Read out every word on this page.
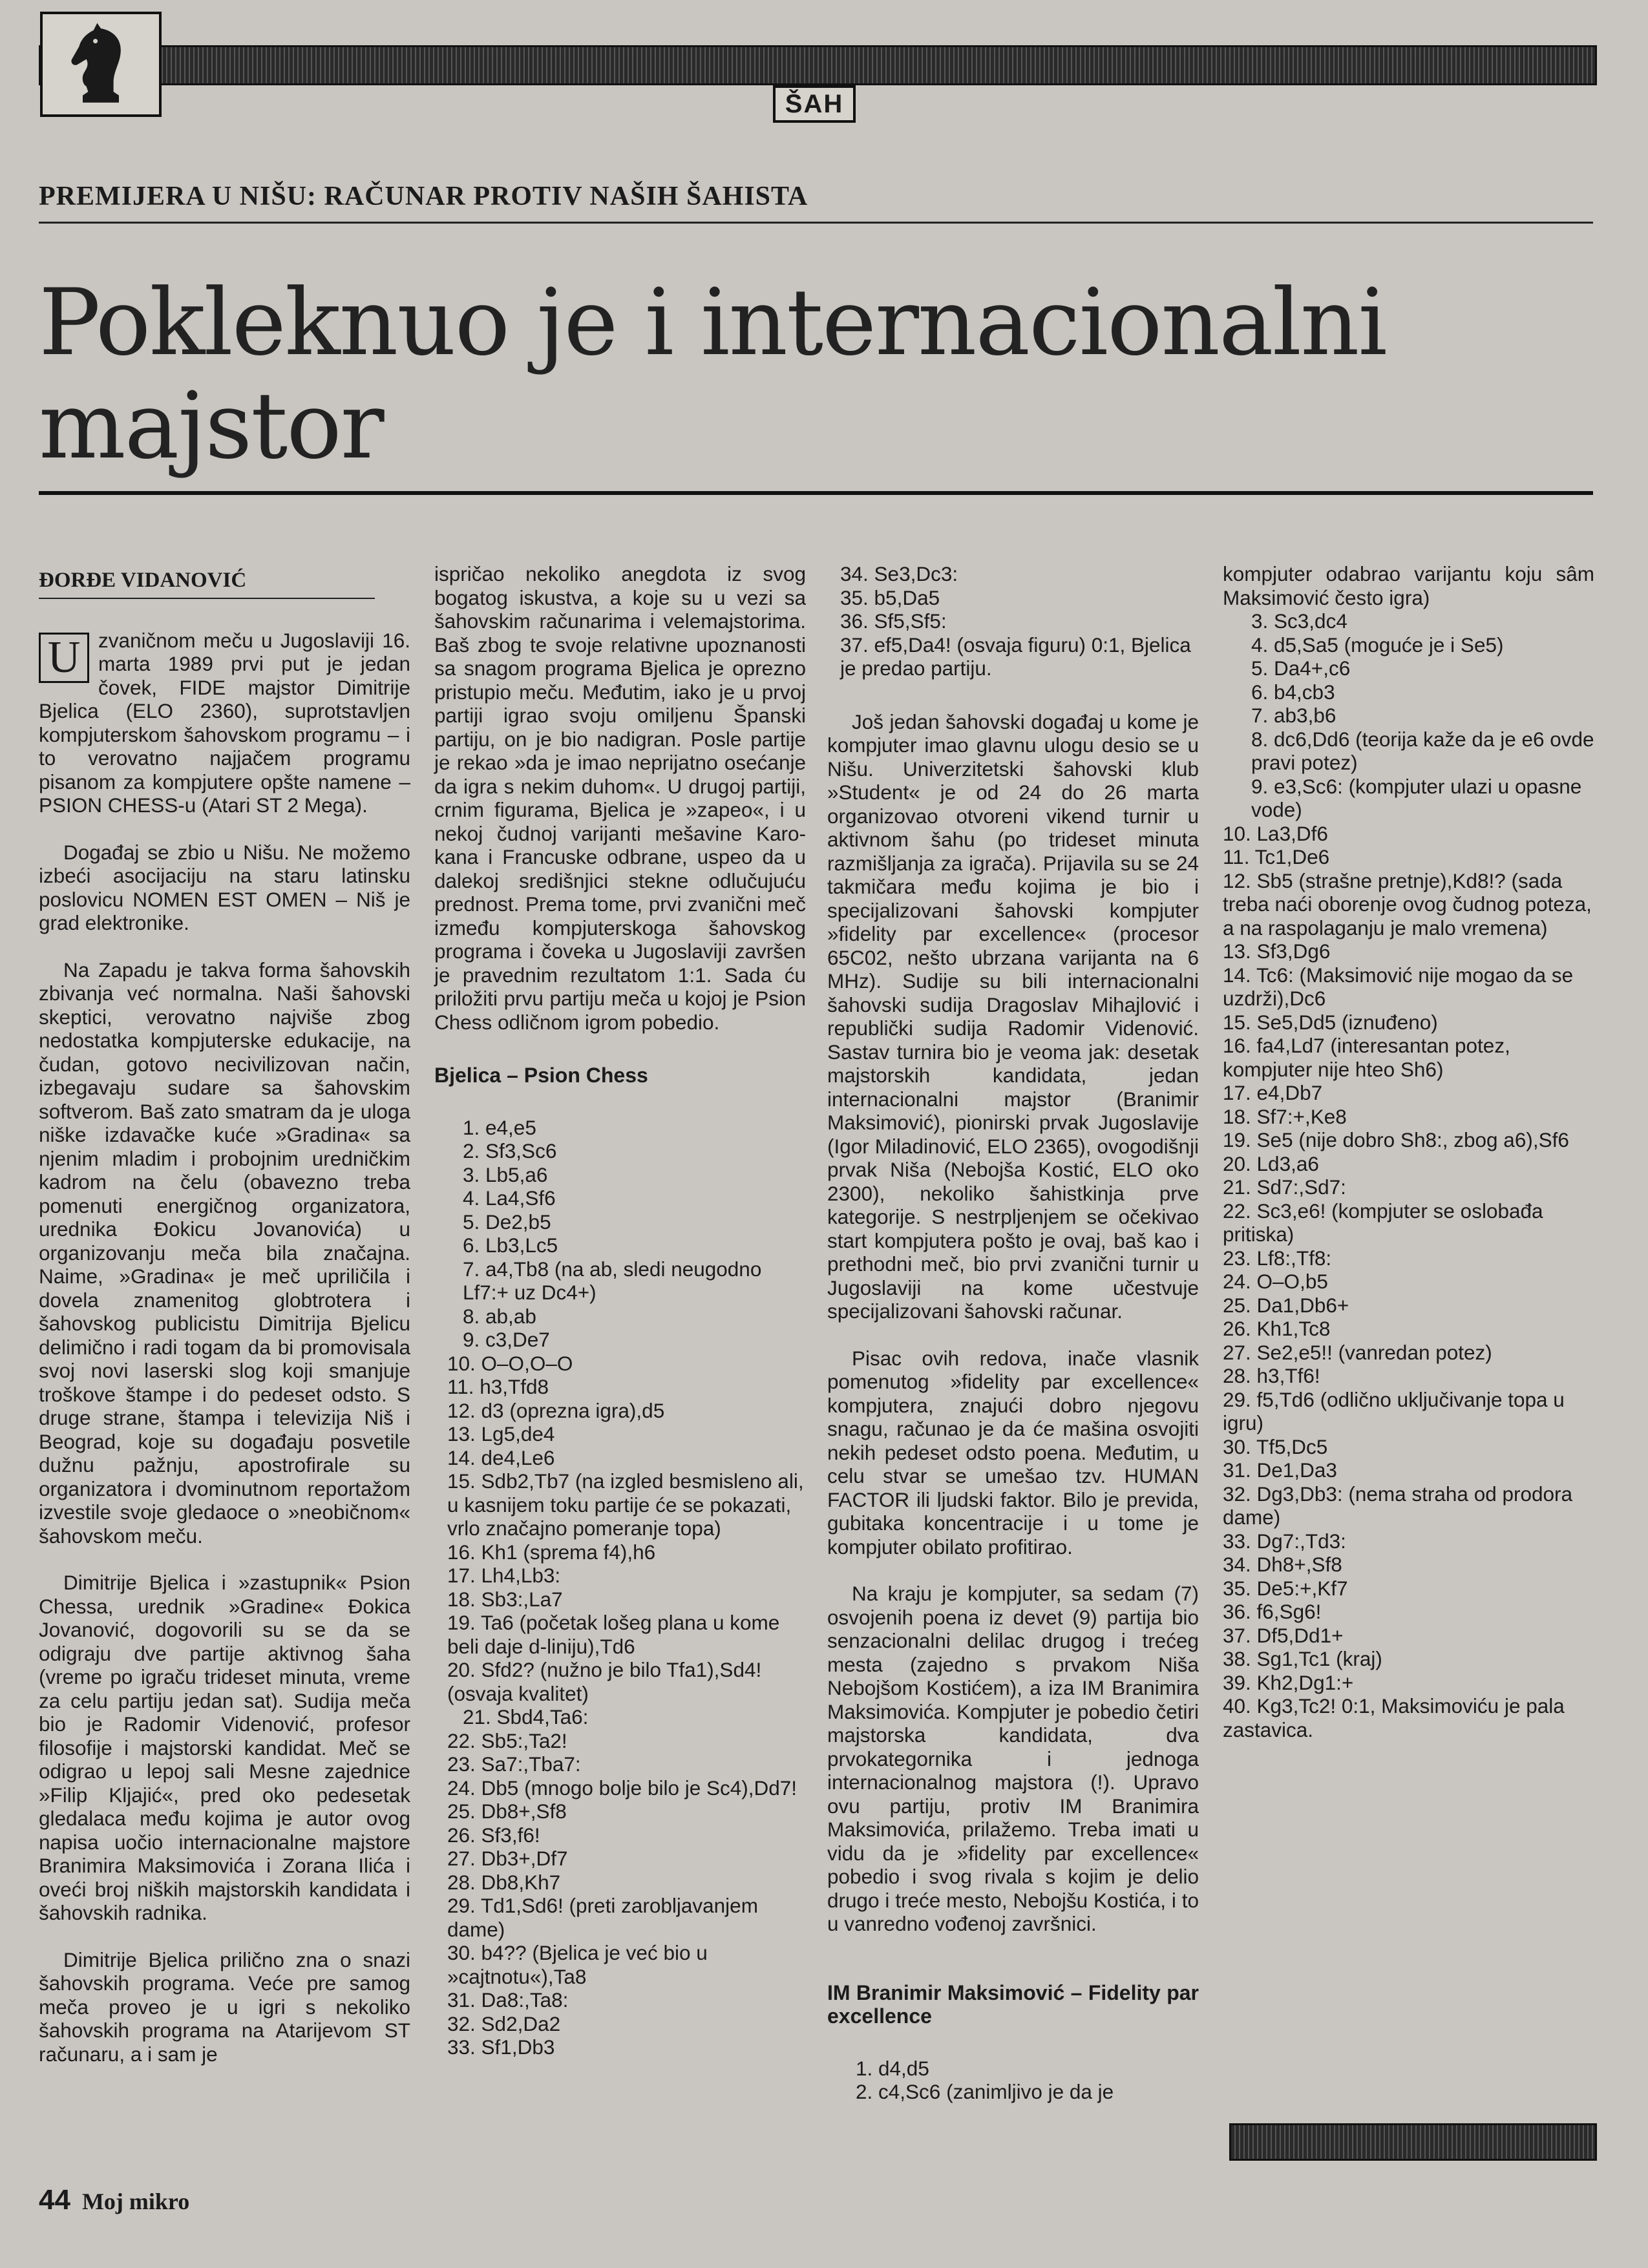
ŠAH
PREMIJERA U NIŠU: RAČUNAR PROTIV NAŠIH ŠAHISTA
Pokleknuo je i internacionalni majstor
ĐORĐE VIDANOVIĆ

U zvaničnom meču u Jugoslaviji 16. marta 1989 prvi put je jedan čovek, FIDE majstor Dimitrije Bjelica (ELO 2360), suprotstavljen kompjuterskom šahovskom programu – i to verovatno najjačem programu pisanom za kompjutere opšte namene – PSION CHESS-u (Atari ST 2 Mega).

Događaj se zbio u Nišu. Ne možemo izbeći asocijaciju na staru latinsku poslovicu NOMEN EST OMEN – Niš je grad elektronike.

Na Zapadu je takva forma šahovskih zbivanja već normalna. Naši šahovski skeptici, verovatno najviše zbog nedostatka kompjuterske edukacije, na čudan, gotovo necivilizovan način, izbegavaju sudare sa šahovskim softverom. Baš zato smatram da je uloga niške izdavačke kuće »Gradina« sa njenim mladim i probojnim uredničkim kadrom na čelu (obavezno treba pomenuti energičnog organizatora, urednika Đokicu Jovanovića) u organizovanju meča bila značajna. Naime, »Gradina« je meč upriličila i dovela znamenitog globtrotera i šahovskog publicistu Dimitrija Bjelicu delimično i radi togam da bi promovisala svoj novi laserski slog koji smanjuje troškove štampe i do pedeset odsto. S druge strane, štampa i televizija Niš i Beograd, koje su događaju posvetile dužnu pažnju, apostrofirale su organizatora i dvominutnom reportažom izvestile svoje gledaoce o »neobičnom« šahovskom meču.

Dimitrije Bjelica i »zastupnik« Psion Chessa, urednik »Gradine« Đokica Jovanović, dogovorili su se da se odigraju dve partije aktivnog šaha (vreme po igraču trideset minuta, vreme za celu partiju jedan sat). Sudija meča bio je Radomir Videnović, profesor filosofije i majstorski kandidat. Meč se odigrao u lepoj sali Mesne zajednice »Filip Kljajić«, pred oko pedesetak gledalaca među kojima je autor ovog napisa uočio internacionalne majstore Branimira Maksimovića i Zorana Ilića i oveći broj niških majstorskih kandidata i šahovskih radnika.

Dimitrije Bjelica prilično zna o snazi šahovskih programa. Veće pre samog meča proveo je u igri s nekoliko šahovskih programa na Atarijevom ST računaru, a i sam je

ispričao nekoliko anegdota iz svog bogatog iskustva, a koje su u vezi sa šahovskim računarima i velemajstorima. Baš zbog te svoje relativne upoznanosti sa snagom programa Bjelica je oprezno pristupio meču. Međutim, iako je u prvoj partiji igrao svoju omiljenu Španski partiju, on je bio nadigran. Posle partije je rekao »da je imao neprijatno osećanje da igra s nekim duhom«. U drugoj partiji, crnim figurama, Bjelica je »zapeo«, i u nekoj čudnoj varijanti mešavine Karo-kana i Francuske odbrane, uspeo da u dalekoj središnjici stekne odlučujuću prednost. Prema tome, prvi zvanični meč između kompjuterskoga šahovskog programa i čoveka u Jugoslaviji završen je pravednim rezultatom 1:1. Sada ću priložiti prvu partiju meča u kojoj je Psion Chess odličnom igrom pobedio.

Bjelica – Psion Chess
1. e4,e5
2. Sf3,Sc6
3. Lb5,a6
4. La4,Sf6
5. De2,b5
6. Lb3,Lc5
7. a4,Tb8 (na ab, sledi neugodno Lf7:+ uz Dc4+)
8. ab,ab
9. c3,De7
10. O–O,O–O
11. h3,Tfd8
12. d3 (oprezna igra),d5
13. Lg5,de4
14. de4,Le6
15. Sdb2,Tb7 (na izgled besmisleno ali, u kasnijem toku partije će se pokazati, vrlo značajno pomeranje topa)
16. Kh1 (sprema f4),h6
17. Lh4,Lb3:
18. Sb3:,La7
19. Ta6 (početak lošeg plana u kome beli daje d-liniju),Td6
20. Sfd2? (nužno je bilo Tfa1),Sd4! (osvaja kvalitet)
21. Sbd4,Ta6:
22. Sb5:,Ta2!
23. Sa7:,Tba7:
24. Db5 (mnogo bolje bilo je Sc4),Dd7!
25. Db8+,Sf8
26. Sf3,f6!
27. Db3+,Df7
28. Db8,Kh7
29. Td1,Sd6! (preti zarobljavanjem dame)
30. b4?? (Bjelica je već bio u »cajtnotu«),Ta8
31. Da8:,Ta8:
32. Sd2,Da2
33. Sf1,Db3
34. Se3,Dc3:
35. b5,Da5
36. Sf5,Sf5:
37. ef5,Da4! (osvaja figuru) 0:1, Bjelica je predao partiju.

Još jedan šahovski događaj u kome je kompjuter imao glavnu ulogu desio se u Nišu. Univerzitetski šahovski klub »Student« je od 24 do 26 marta organizovao otvoreni vikend turnir u aktivnom šahu (po trideset minuta razmišljanja za igrača). Prijavila su se 24 takmičara među kojima je bio i specijalizovani šahovski kompjuter »fidelity par excellence« (procesor 65C02, nešto ubrzana varijanta na 6 MHz). Sudije su bili internacionalni šahovski sudija Dragoslav Mihajlović i republički sudija Radomir Videnović. Sastav turnira bio je veoma jak: desetak majstorskih kandidata, jedan internacionalni majstor (Branimir Maksimović), pionirski prvak Jugoslavije (Igor Miladinović, ELO 2365), ovogodišnji prvak Niša (Nebojša Kostić, ELO oko 2300), nekoliko šahistkinja prve kategorije. S nestrpljenjem se očekivao start kompjutera pošto je ovaj, baš kao i prethodni meč, bio prvi zvanični turnir u Jugoslaviji na kome učestvuje specijalizovani šahovski računar.

Pisac ovih redova, inače vlasnik pomenutog »fidelity par excellence« kompjutera, znajući dobro njegovu snagu, računao je da će mašina osvojiti nekih pedeset odsto poena. Međutim, u celu stvar se umešao tzv. HUMAN FACTOR ili ljudski faktor. Bilo je previda, gubitaka koncentracije i u tome je kompjuter obilato profitirao.

Na kraju je kompjuter, sa sedam (7) osvojenih poena iz devet (9) partija bio senzacionalni delilac drugog i trećeg mesta (zajedno s prvakom Niša Nebojšom Kostićem), a iza IM Branimira Maksimovića. Kompjuter je pobedio četiri majstorska kandidata, dva prvokategornika i jednoga internacionalnog majstora (!). Upravo ovu partiju, protiv IM Branimira Maksimovića, prilažemo. Treba imati u vidu da je »fidelity par excellence« pobedio i svog rivala s kojim je delio drugo i treće mesto, Nebojšu Kostića, i to u vanredno vođenoj završnici.

IM Branimir Maksimović – Fidelity par excellence
1. d4,d5
2. c4,Sc6 (zanimljivo je da je

kompjuter odabrao varijantu koju sâm Maksimović često igra)

3. Sc3,dc4
4. d5,Sa5 (moguće je i Se5)
5. Da4+,c6
6. b4,cb3
7. ab3,b6
8. dc6,Dd6 (teorija kaže da je e6 ovde pravi potez)
9. e3,Sc6: (kompjuter ulazi u opasne vode)
10. La3,Df6
11. Tc1,De6
12. Sb5 (strašne pretnje),Kd8!? (sada treba naći oborenje ovog čudnog poteza, a na raspolaganju je malo vremena)
13. Sf3,Dg6
14. Tc6: (Maksimović nije mogao da se uzdrži),Dc6
15. Se5,Dd5 (iznuđeno)
16. fa4,Ld7 (interesantan potez, kompjuter nije hteo Sh6)
17. e4,Db7
18. Sf7:+,Ke8
19. Se5 (nije dobro Sh8:, zbog a6),Sf6
20. Ld3,a6
21. Sd7:,Sd7:
22. Sc3,e6! (kompjuter se oslobađa pritiska)
23. Lf8:,Tf8:
24. O–O,b5
25. Da1,Db6+
26. Kh1,Tc8
27. Se2,e5!! (vanredan potez)
28. h3,Tf6!
29. f5,Td6 (odlično uključivanje topa u igru)
30. Tf5,Dc5
31. De1,Da3
32. Dg3,Db3: (nema straha od prodora dame)
33. Dg7:,Td3:
34. Dh8+,Sf8
35. De5:+,Kf7
36. f6,Sg6!
37. Df5,Dd1+
38. Sg1,Tc1 (kraj)
39. Kh2,Dg1:+
40. Kg3,Tc2! 0:1, Maksimoviću je pala zastavica.
44 Moj mikro
